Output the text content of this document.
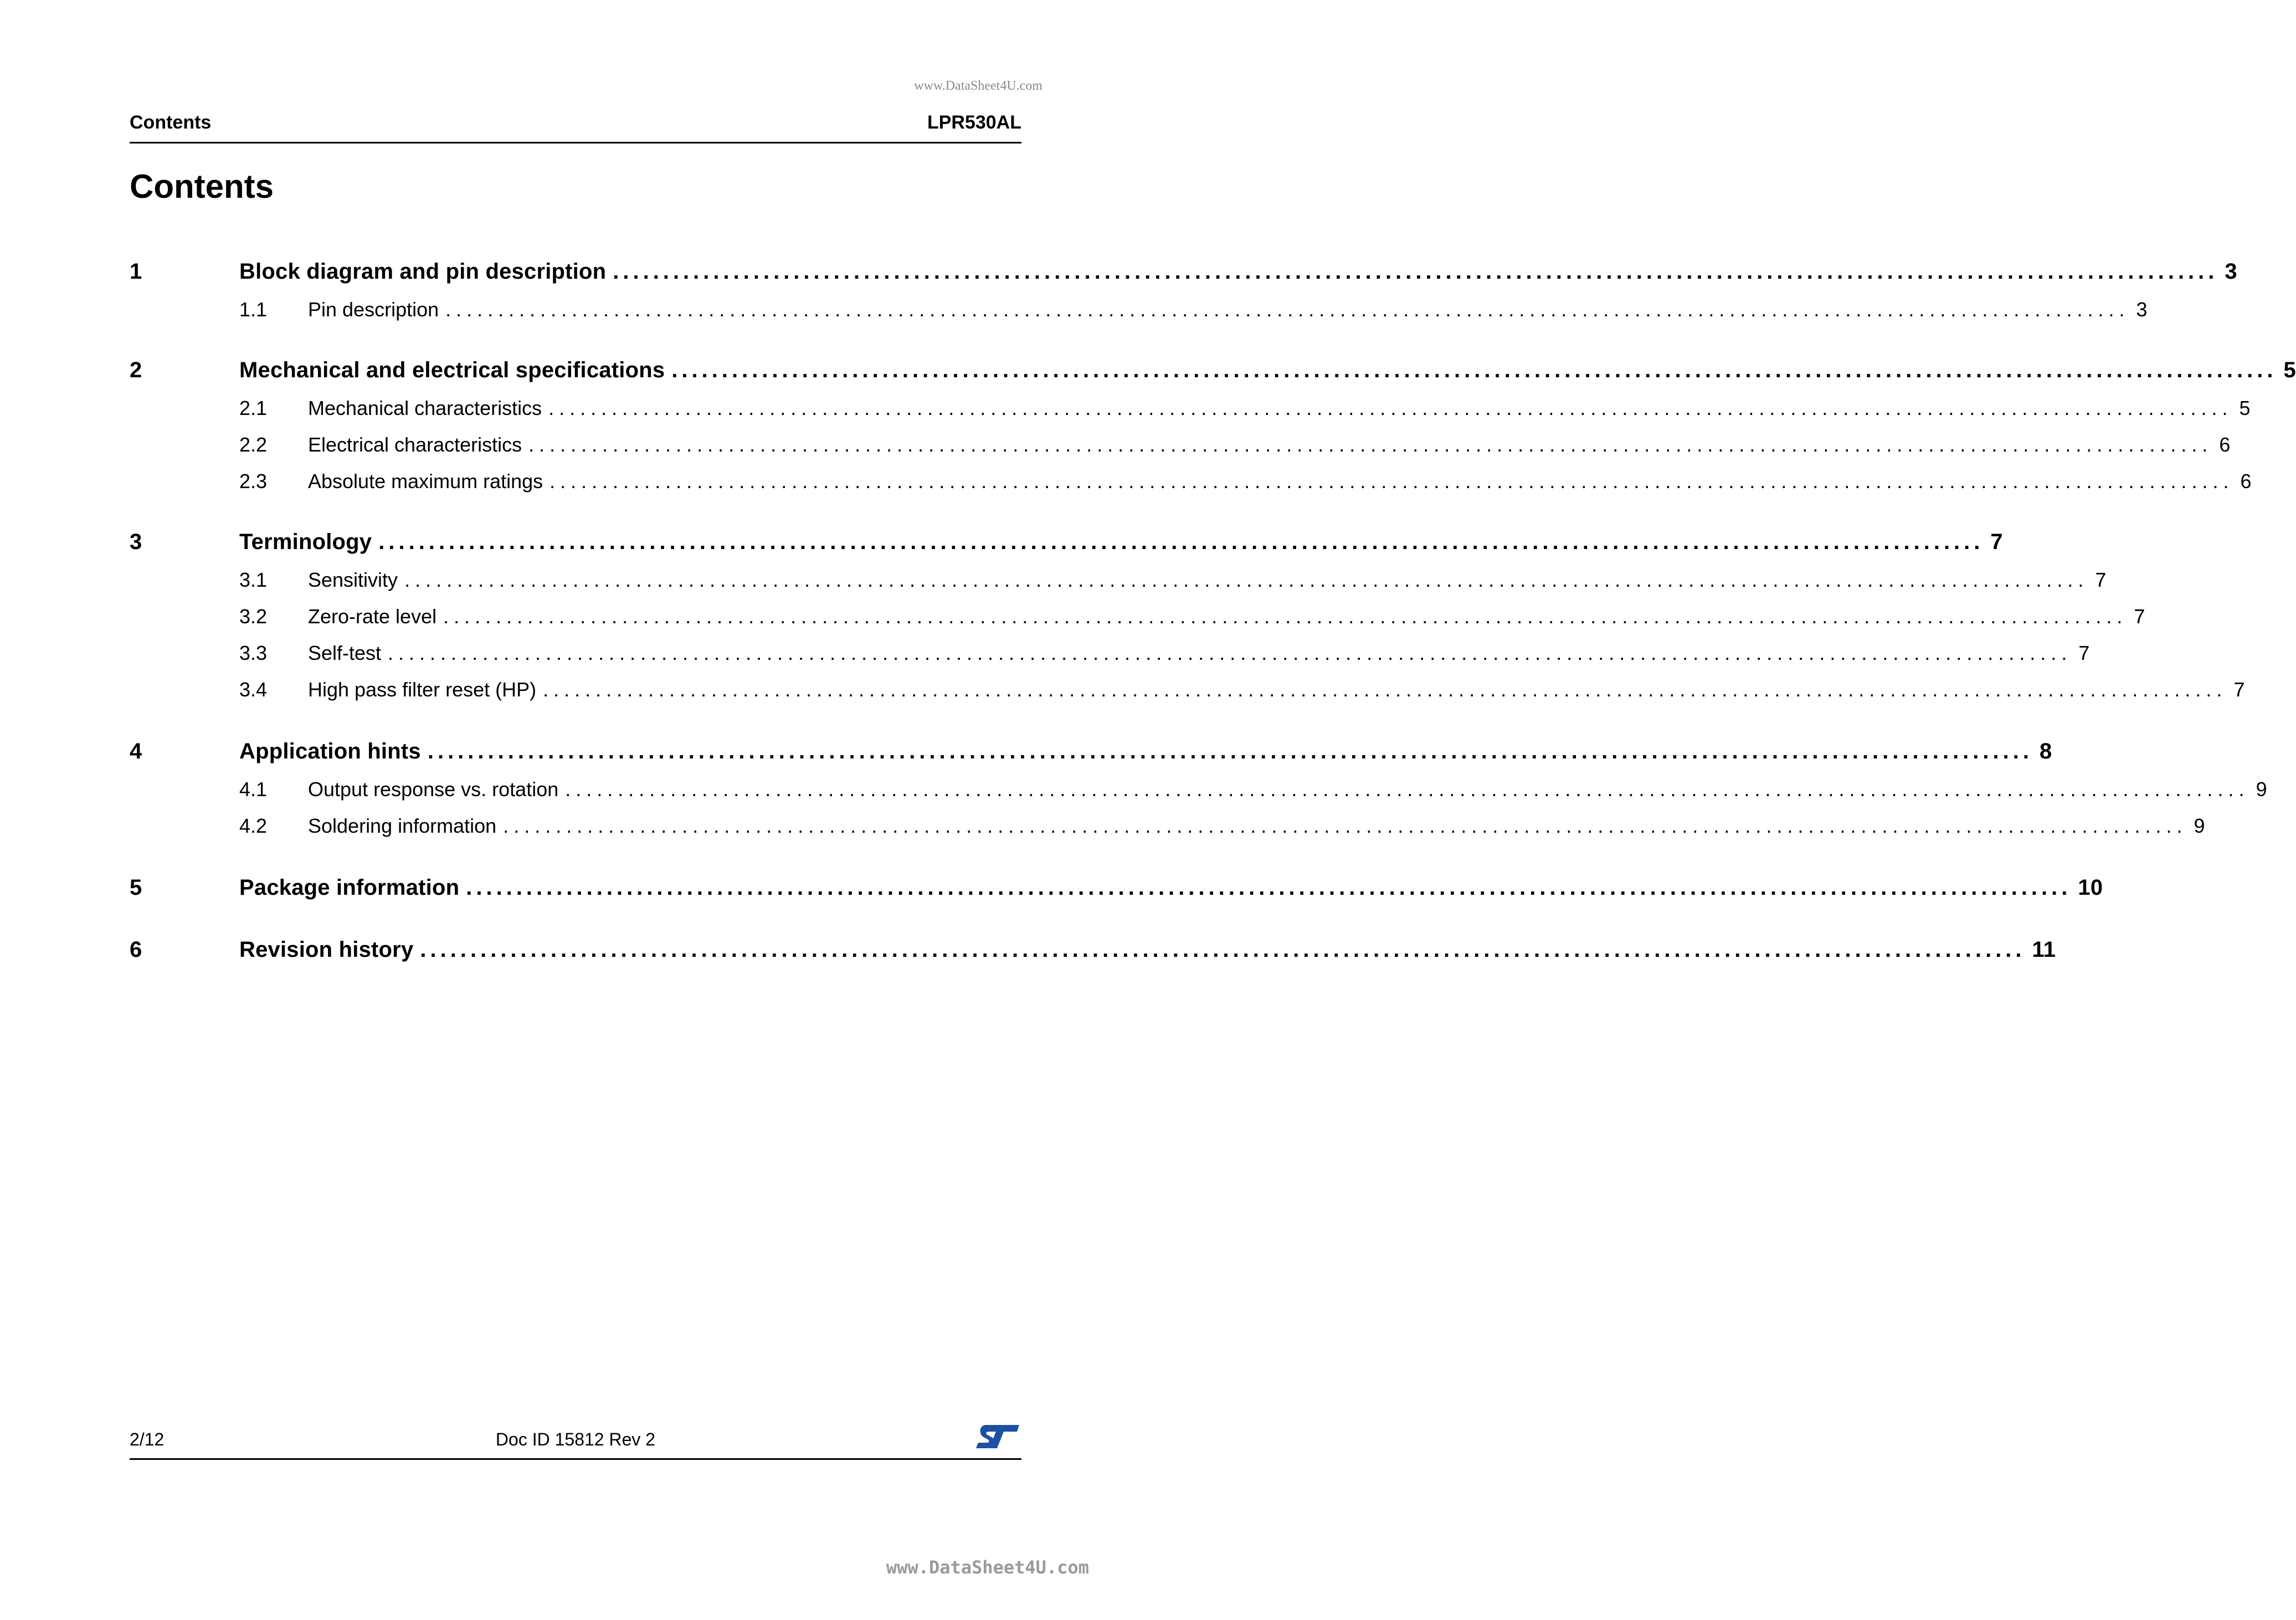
www.DataSheet4U.com
Contents	LPR530AL
Contents
1	Block diagram and pin description ................................................................................................................................................................ 3
1.1 Pin description ................................................................................................................................................................ 3
2	Mechanical and electrical specifications ................................................................................................................................................................ 5
2.1 Mechanical characteristics ................................................................................................................................................................ 5
2.2 Electrical characteristics ................................................................................................................................................................ 6
2.3 Absolute maximum ratings ................................................................................................................................................................ 6
3	Terminology ................................................................................................................................................................ 7
3.1 Sensitivity ................................................................................................................................................................ 7
3.2 Zero-rate level ................................................................................................................................................................ 7
3.3 Self-test ................................................................................................................................................................ 7
3.4 High pass filter reset (HP) ................................................................................................................................................................ 7
4	Application hints ................................................................................................................................................................ 8
4.1 Output response vs. rotation ................................................................................................................................................................ 9
4.2 Soldering information ................................................................................................................................................................ 9
5	Package information ................................................................................................................................................................ 10
6	Revision history ................................................................................................................................................................ 11
2/12	Doc ID 15812 Rev 2
www.DataSheet4U.com
